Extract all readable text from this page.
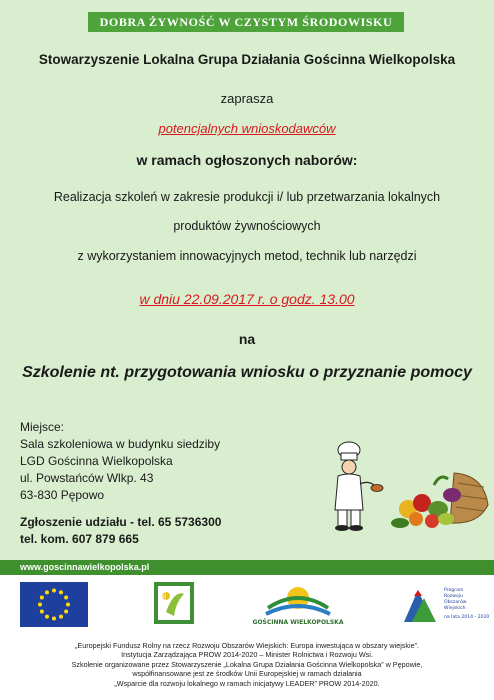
DOBRA ŻYWNOŚĆ W CZYSTYM ŚRODOWISKU
Stowarzyszenie Lokalna Grupa Działania Gościnna Wielkopolska
zaprasza
potencjalnych wnioskodawców
w ramach ogłoszonych naborów:
Realizacja szkoleń w zakresie produkcji i/ lub przetwarzania lokalnych
produktów żywnościowych
z wykorzystaniem innowacyjnych metod, technik lub narzędzi
w dniu 22.09.2017 r. o godz. 13.00
na
Szkolenie nt. przygotowania wniosku o przyznanie pomocy
Miejsce:
Sala szkoleniowa w budynku siedziby
LGD Gościnna Wielkopolska
ul. Powstańców Wlkp. 43
63-830 Pępowo
Zgłoszenie udziału - tel. 65 5736300
tel. kom. 607 879 665
www.goscinnawielkopolska.pl
LEADER
GOŚCINNA WIELKOPOLSKA
Program Rozwoju Obszarów Wiejskich na lata 2014 - 2020
„Europejski Fundusz Rolny na rzecz Rozwoju Obszarów Wiejskich: Europa inwestująca w obszary wiejskie”.
Instytucja Zarządzająca PROW 2014-2020 – Minister Rolnictwa i Rozwoju Wsi.
Szkolenie organizowane przez Stowarzyszenie „Lokalna Grupa Działania Gościnna Wielkopolska” w Pępowie,
współfinansowane jest ze środków Unii Europejskiej w ramach działania
„Wsparcie dla rozwoju lokalnego w ramach inicjatywy LEADER” PROW 2014-2020.
